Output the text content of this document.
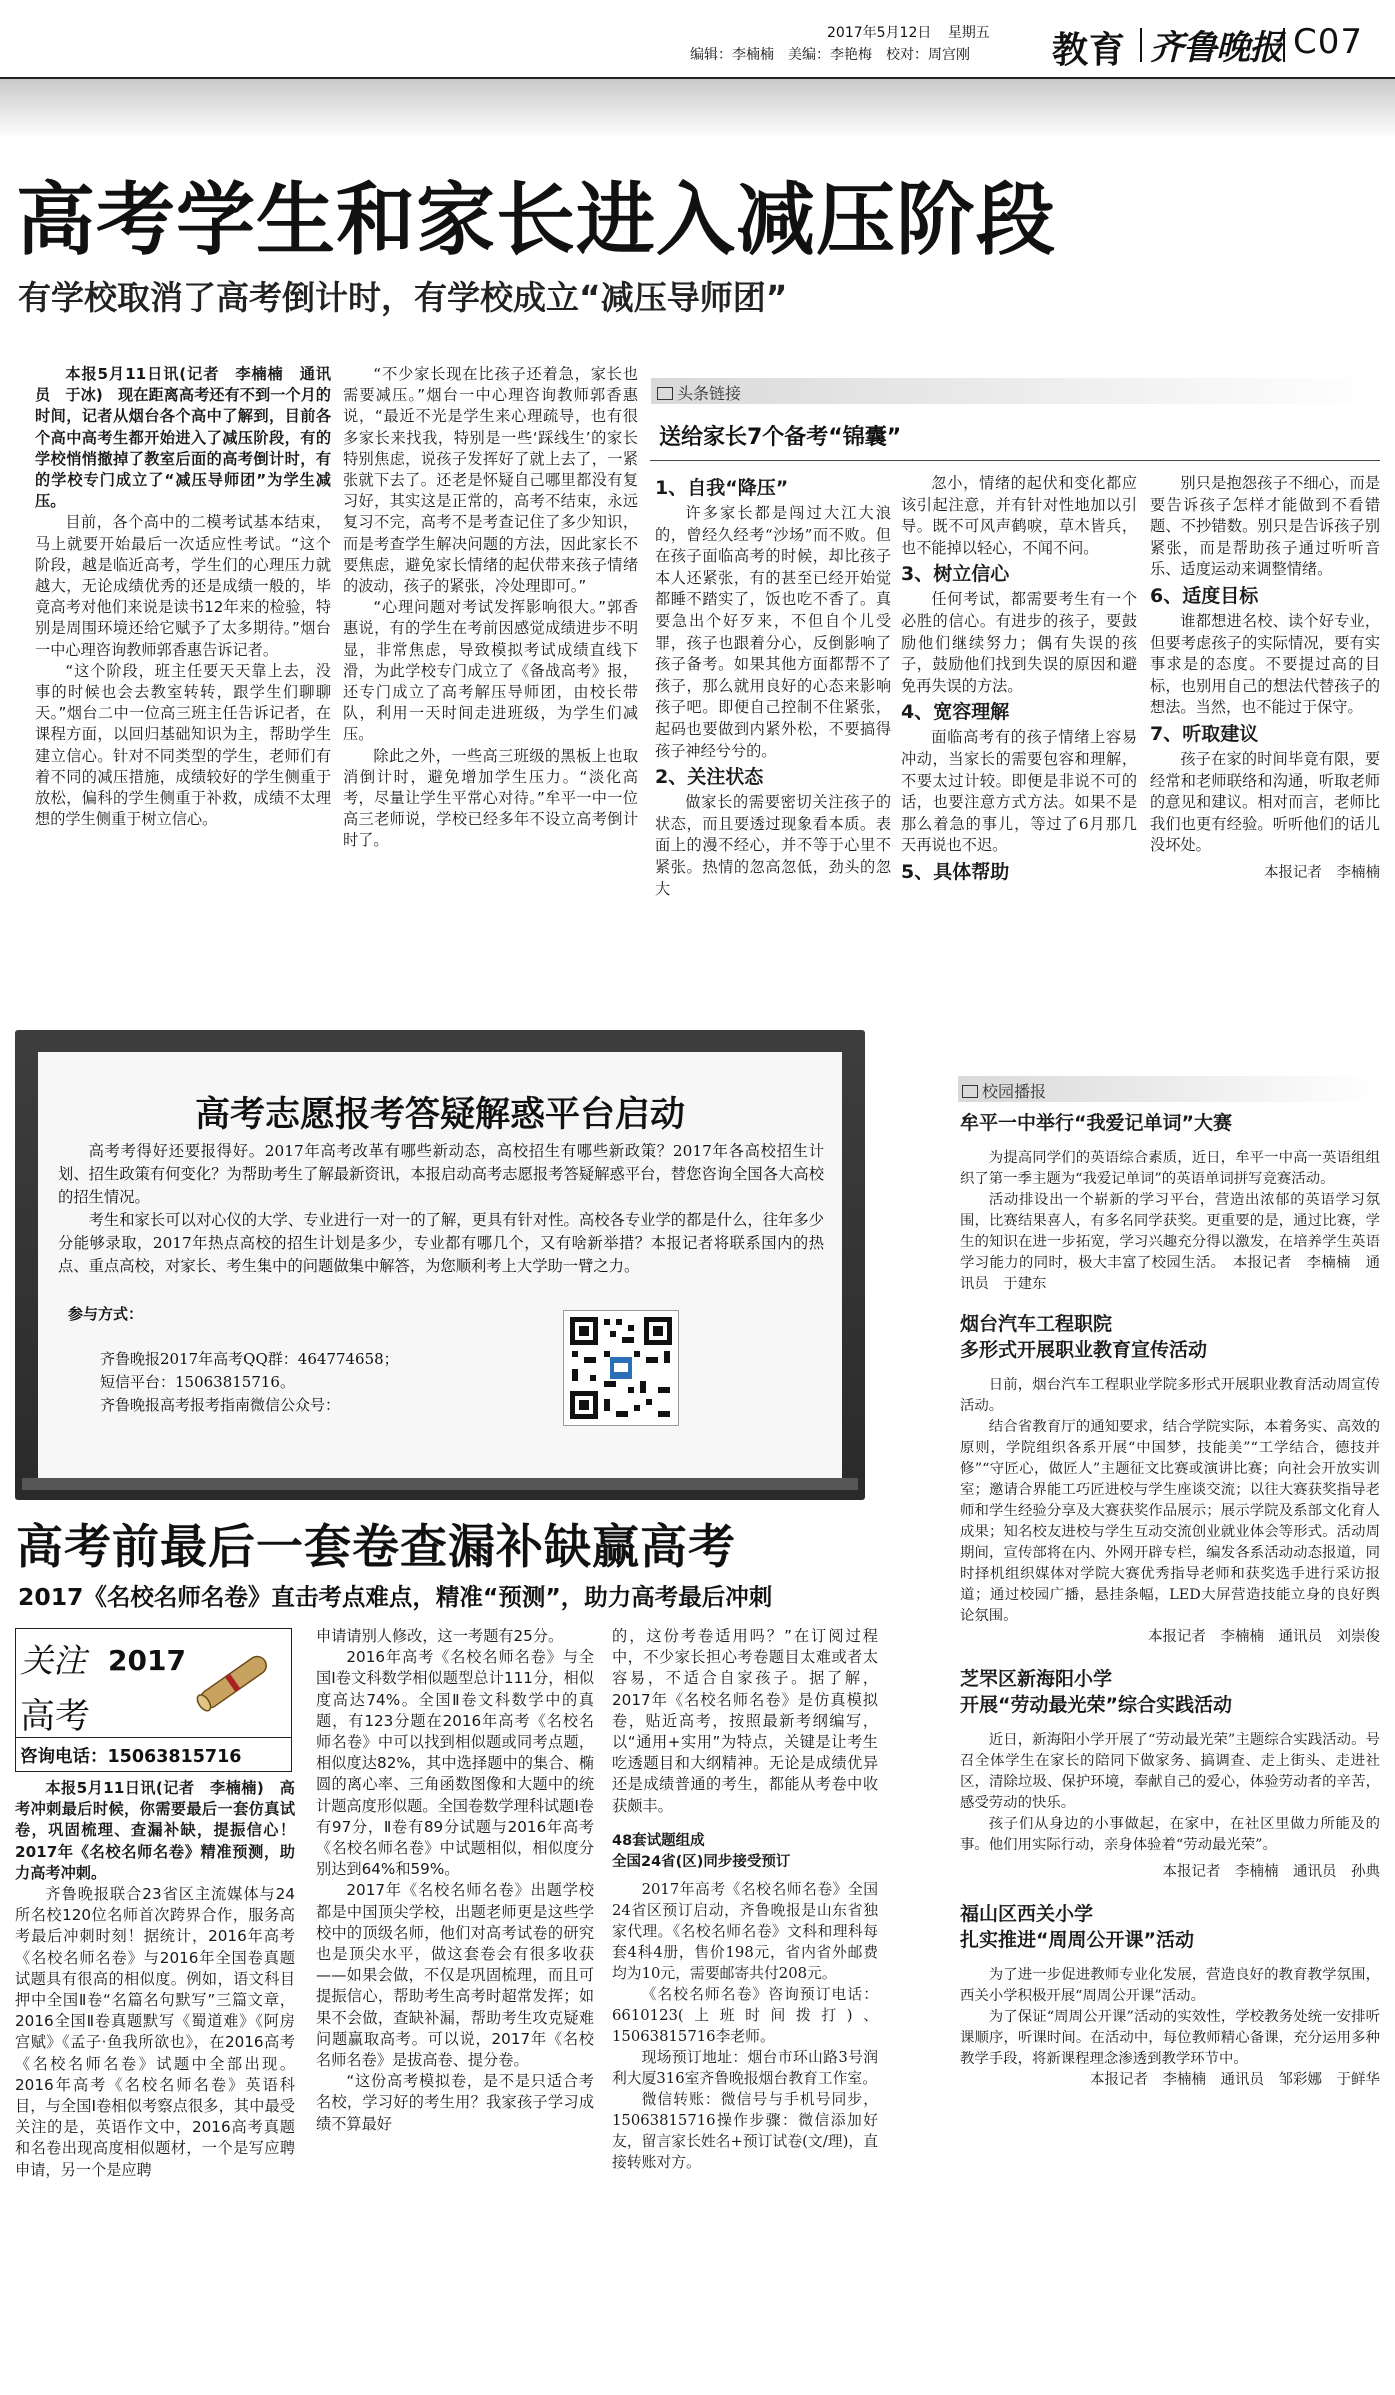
2017年5月12日 星期五
编辑：李楠楠　美编：李艳梅　校对：周宫刚 教育 齐鲁晚报 C07
高考学生和家长进入减压阶段
有学校取消了高考倒计时，有学校成立“减压导师团”

本报5月11日讯(记者　李楠楠　通讯员　于冰)　现在距离高考还有不到一个月的时间，记者从烟台各个高中了解到，目前各个高中高考生都开始进入了减压阶段，有的学校悄悄撤掉了教室后面的高考倒计时，有的学校专门成立了“减压导师团”为学生减压。

目前，各个高中的二模考试基本结束，马上就要开始最后一次适应性考试。“这个阶段，越是临近高考，学生们的心理压力就越大，无论成绩优秀的还是成绩一般的，毕竟高考对他们来说是读书12年来的检验，特别是周围环境还给它赋予了太多期待。”烟台一中心理咨询教师郭香惠告诉记者。

“这个阶段，班主任要天天靠上去，没事的时候也会去教室转转，跟学生们聊聊天。”烟台二中一位高三班主任告诉记者，在课程方面，以回归基础知识为主，帮助学生建立信心。针对不同类型的学生，老师们有着不同的减压措施，成绩较好的学生侧重于放松，偏科的学生侧重于补救，成绩不太理想的学生侧重于树立信心。

“不少家长现在比孩子还着急，家长也需要减压。”烟台一中心理咨询教师郭香惠说，“最近不光是学生来心理疏导，也有很多家长来找我，特别是一些‘踩线生’的家长特别焦虑，说孩子发挥好了就上去了，一紧张就下去了。还老是怀疑自己哪里都没有复习好，其实这是正常的，高考不结束，永远复习不完，高考不是考查记住了多少知识，而是考查学生解决问题的方法，因此家长不要焦虑，避免家长情绪的起伏带来孩子情绪的波动，孩子的紧张，冷处理即可。”

“心理问题对考试发挥影响很大。”郭香惠说，有的学生在考前因感觉成绩进步不明显，非常焦虑，导致模拟考试成绩直线下滑，为此学校专门成立了《备战高考》报，还专门成立了高考解压导师团，由校长带队，利用一天时间走进班级，为学生们减压。

除此之外，一些高三班级的黑板上也取消倒计时，避免增加学生压力。“淡化高考，尽量让学生平常心对待。”牟平一中一位高三老师说，学校已经多年不设立高考倒计时了。

头条链接
送给家长7个备考“锦囊”
1、自我“降压”

许多家长都是闯过大江大浪的，曾经久经考“沙场”而不败。但在孩子面临高考的时候，却比孩子本人还紧张，有的甚至已经开始觉都睡不踏实了，饭也吃不香了。真要急出个好歹来，不但自个儿受罪，孩子也跟着分心，反倒影响了孩子备考。如果其他方面都帮不了孩子，那么就用良好的心态来影响孩子吧。即便自己控制不住紧张，起码也要做到内紧外松，不要搞得孩子神经兮兮的。

2、关注状态

做家长的需要密切关注孩子的状态，而且要透过现象看本质。表面上的漫不经心，并不等于心里不紧张。热情的忽高忽低，劲头的忽大

忽小，情绪的起伏和变化都应该引起注意，并有针对性地加以引导。既不可风声鹤唳，草木皆兵，也不能掉以轻心，不闻不问。

3、树立信心

任何考试，都需要考生有一个必胜的信心。有进步的孩子，要鼓励他们继续努力；偶有失误的孩子，鼓励他们找到失误的原因和避免再失误的方法。

4、宽容理解

面临高考有的孩子情绪上容易冲动，当家长的需要包容和理解，不要太过计较。即便是非说不可的话，也要注意方式方法。如果不是那么着急的事儿，等过了6月那几天再说也不迟。

5、具体帮助

别只是抱怨孩子不细心，而是要告诉孩子怎样才能做到不看错题、不抄错数。别只是告诉孩子别紧张，而是帮助孩子通过听听音乐、适度运动来调整情绪。

6、适度目标

谁都想进名校、读个好专业，但要考虑孩子的实际情况，要有实事求是的态度。不要提过高的目标，也别用自己的想法代替孩子的想法。当然，也不能过于保守。

7、听取建议

孩子在家的时间毕竟有限，要经常和老师联络和沟通，听取老师的意见和建议。相对而言，老师比我们也更有经验。听听他们的话儿没坏处。

本报记者　李楠楠
高考志愿报考答疑解惑平台启动

高考考得好还要报得好。2017年高考改革有哪些新动态，高校招生有哪些新政策？2017年各高校招生计划、招生政策有何变化？为帮助考生了解最新资讯，本报启动高考志愿报考答疑解惑平台，替您咨询全国各大高校的招生情况。

考生和家长可以对心仪的大学、专业进行一对一的了解，更具有针对性。高校各专业学的都是什么，往年多少分能够录取，2017年热点高校的招生计划是多少，专业都有哪几个，又有啥新举措？本报记者将联系国内的热点、重点高校，对家长、考生集中的问题做集中解答，为您顺利考上大学助一臂之力。

参与方式：
齐鲁晚报2017年高考QQ群：464774658；
短信平台：15063815716。
齐鲁晚报高考报考指南微信公众号：
高考前最后一套卷查漏补缺赢高考
2017《名校名师名卷》直击考点难点，精准“预测”，助力高考最后冲刺
关注 2017
高考
咨询电话：15063815716

本报5月11日讯(记者　李楠楠)　高考冲刺最后时候，你需要最后一套仿真试卷，巩固梳理、查漏补缺，提振信心！2017年《名校名师名卷》精准预测，助力高考冲刺。

齐鲁晚报联合23省区主流媒体与24所名校120位名师首次跨界合作，服务高考最后冲刺时刻！据统计，2016年高考《名校名师名卷》与2016年全国卷真题试题具有很高的相似度。例如，语文科目押中全国Ⅱ卷“名篇名句默写”三篇文章，2016全国Ⅱ卷真题默写《蜀道难》《阿房宫赋》《孟子·鱼我所欲也》，在2016高考《名校名师名卷》试题中全部出现。2016年高考《名校名师名卷》英语科目，与全国Ⅰ卷相似考察点很多，其中最受关注的是，英语作文中，2016高考真题和名卷出现高度相似题材，一个是写应聘申请，另一个是应聘

申请请别人修改，这一考题有25分。

2016年高考《名校名师名卷》与全国Ⅰ卷文科数学相似题型总计111分，相似度高达74%。全国Ⅱ卷文科数学中的真题，有123分题在2016年高考《名校名师名卷》中可以找到相似题或同考点题，相似度达82%，其中选择题中的集合、椭圆的离心率、三角函数图像和大题中的统计题高度形似题。全国卷数学理科试题Ⅰ卷有97分，Ⅱ卷有89分试题与2016年高考《名校名师名卷》中试题相似，相似度分别达到64%和59%。

2017年《名校名师名卷》出题学校都是中国顶尖学校，出题老师更是这些学校中的顶级名师，他们对高考试卷的研究也是顶尖水平，做这套卷会有很多收获——如果会做，不仅是巩固梳理，而且可提振信心，帮助考生高考时超常发挥；如果不会做，查缺补漏，帮助考生攻克疑难问题赢取高考。可以说，2017年《名校名师名卷》是拔高卷、提分卷。

“这份高考模拟卷，是不是只适合考名校，学习好的考生用？我家孩子学习成绩不算最好

的，这份考卷适用吗？”在订阅过程中，不少家长担心考卷题目太难或者太容易，不适合自家孩子。据了解，2017年《名校名师名卷》是仿真模拟卷，贴近高考，按照最新考纲编写，以“通用+实用”为特点，关键是让考生吃透题目和大纲精神。无论是成绩优异还是成绩普通的考生，都能从考卷中收获颇丰。

48套试题组成
全国24省(区)同步接受预订

2017年高考《名校名师名卷》全国24省区预订启动，齐鲁晚报是山东省独家代理。《名校名师名卷》文科和理科每套4科4册，售价198元，省内省外邮费均为10元，需要邮寄共付208元。

《名校名师名卷》咨询预订电话：6610123(上班时间拨打)、15063815716李老师。

现场预订地址：烟台市环山路3号润利大厦316室齐鲁晚报烟台教育工作室。

微信转账：微信号与手机号同步，15063815716操作步骤：微信添加好友，留言家长姓名+预订试卷(文/理)，直接转账对方。

校园播报
牟平一中举行“我爱记单词”大赛

为提高同学们的英语综合素质，近日，牟平一中高一英语组组织了第一季主题为“我爱记单词”的英语单词拼写竞赛活动。

活动排设出一个崭新的学习平台，营造出浓郁的英语学习氛围，比赛结果喜人，有多名同学获奖。更重要的是，通过比赛，学生的知识在进一步拓宽，学习兴趣充分得以激发，在培养学生英语学习能力的同时，极大丰富了校园生活。　本报记者　李楠楠　通讯员　于建东

烟台汽车工程职院
多形式开展职业教育宣传活动

日前，烟台汽车工程职业学院多形式开展职业教育活动周宣传活动。

结合省教育厅的通知要求，结合学院实际，本着务实、高效的原则，学院组织各系开展“中国梦，技能美”“工学结合，德技并修”“守匠心，做匠人”主题征文比赛或演讲比赛；向社会开放实训室；邀请合界能工巧匠进校与学生座谈交流；以往大赛获奖指导老师和学生经验分享及大赛获奖作品展示；展示学院及系部文化育人成果；知名校友进校与学生互动交流创业就业体会等形式。活动周期间，宣传部将在内、外网开辟专栏，编发各系活动动态报道，同时择机组织媒体对学院大赛优秀指导老师和获奖选手进行采访报道；通过校园广播，悬挂条幅，LED大屏营造技能立身的良好舆论氛围。

本报记者　李楠楠　通讯员　刘崇俊
芝罘区新海阳小学
开展“劳动最光荣”综合实践活动

近日，新海阳小学开展了“劳动最光荣”主题综合实践活动。号召全体学生在家长的陪同下做家务、搞调查、走上街头、走进社区，清除垃圾、保护环境，奉献自己的爱心，体验劳动者的辛苦，感受劳动的快乐。

孩子们从身边的小事做起，在家中，在社区里做力所能及的事。他们用实际行动，亲身体验着“劳动最光荣”。

本报记者　李楠楠　通讯员　孙典
福山区西关小学
扎实推进“周周公开课”活动

为了进一步促进教师专业化发展，营造良好的教育教学氛围，西关小学积极开展“周周公开课”活动。

为了保证“周周公开课”活动的实效性，学校教务处统一安排听课顺序，听课时间。在活动中，每位教师精心备课，充分运用多种教学手段，将新课程理念渗透到教学环节中。

本报记者　李楠楠　通讯员　邹彩娜　于鲜华
